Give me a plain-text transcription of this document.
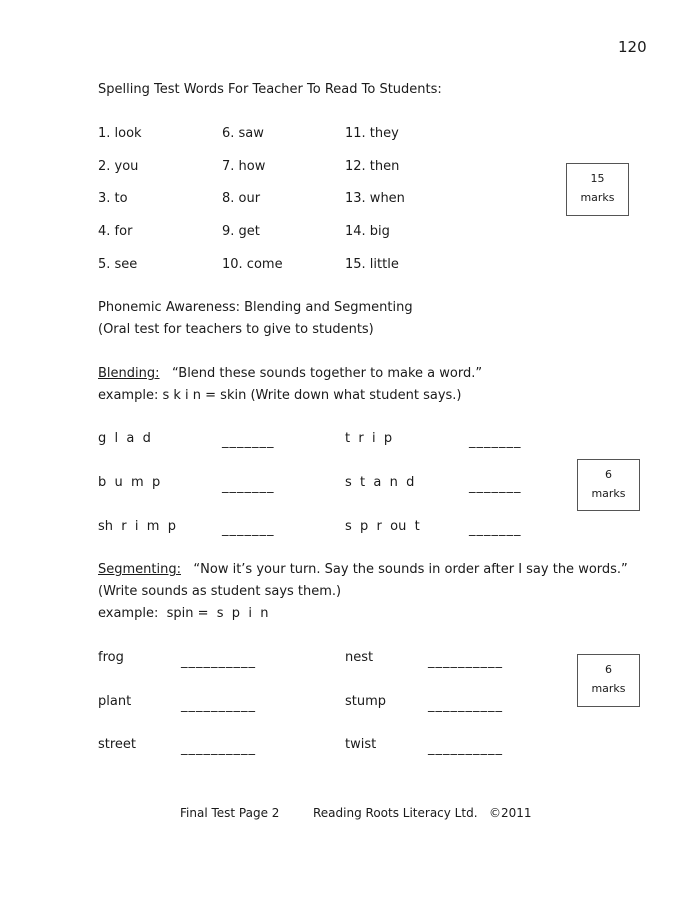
120
Spelling Test Words For Teacher To Read To Students:
1. look
2. you
3. to
4. for
5. see
6. saw
7. how
8. our
9. get
10. come
11. they
12. then
13. when
14. big
15. little
15
marks
Phonemic Awareness: Blending and Segmenting
(Oral test for teachers to give to students)
Blending: “Blend these sounds together to make a word.”
example: s k i n = skin (Write down what student says.)
g  l  a  d	_______	t  r  i  p	_______
b  u  m  p	_______	s  t  a  n  d	_______
sh  r  i  m  p	_______	s  p  r  ou  t	_______
6
marks
Segmenting: “Now it’s your turn. Say the sounds in order after I say the words.”
(Write sounds as student says them.)
example:  spin =  s  p  i  n
frog	__________	nest	__________
plant	__________	stump	__________
street	__________	twist	__________
6
marks
Final Test Page 2	Reading Roots Literacy Ltd. ©2011
